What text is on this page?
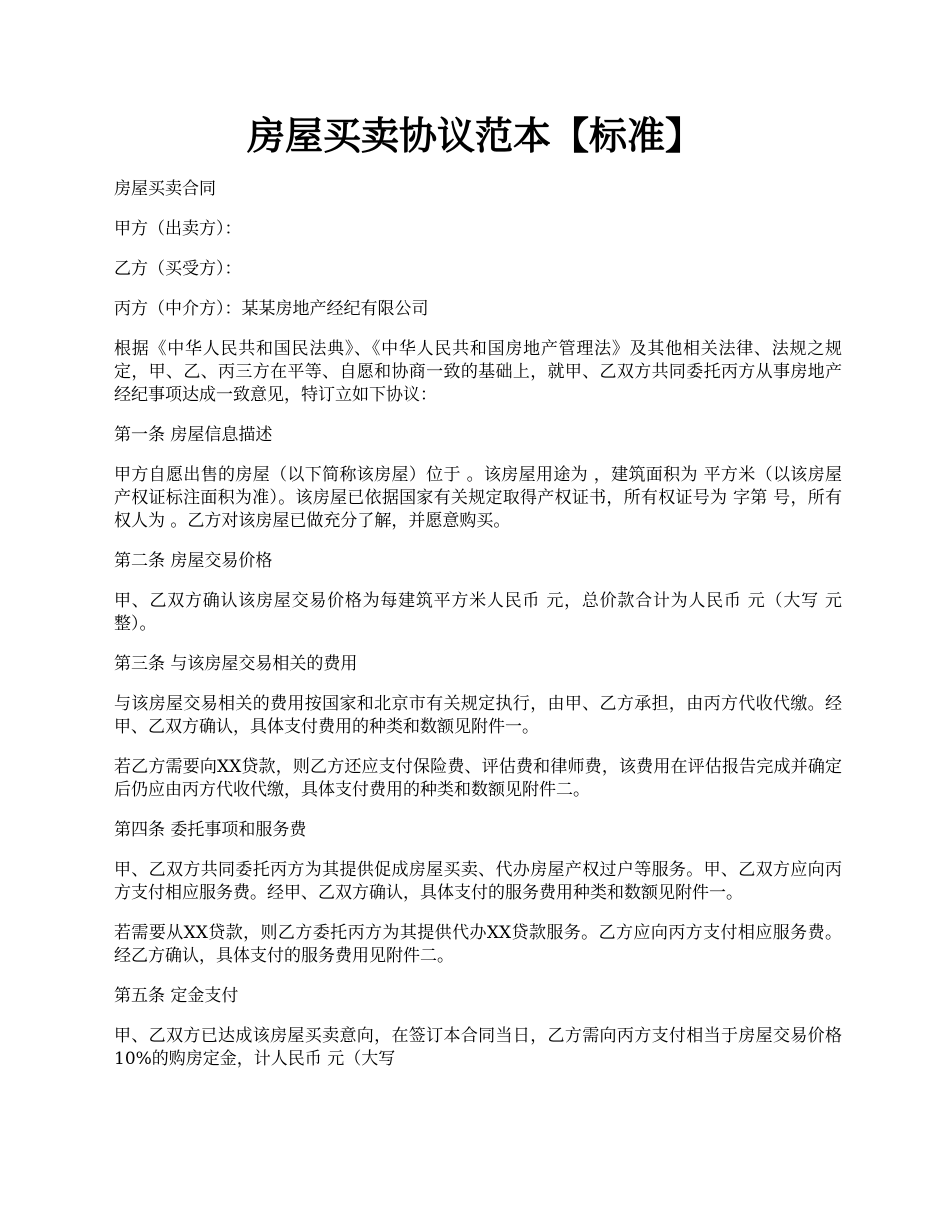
房屋买卖协议范本【标准】

房屋买卖合同

甲方（出卖方）：

乙方（买受方）：

丙方（中介方）：某某房地产经纪有限公司

根据《中华人民共和国民法典》、《中华人民共和国房地产管理法》及其他相关法律、法规之规定，甲、乙、丙三方在平等、自愿和协商一致的基础上，就甲、乙双方共同委托丙方从事房地产经纪事项达成一致意见，特订立如下协议：

第一条 房屋信息描述

甲方自愿出售的房屋（以下简称该房屋）位于 。该房屋用途为 ，建筑面积为 平方米（以该房屋产权证标注面积为准）。该房屋已依据国家有关规定取得产权证书，所有权证号为 字第 号，所有权人为 。乙方对该房屋已做充分了解，并愿意购买。

第二条 房屋交易价格

甲、乙双方确认该房屋交易价格为每建筑平方米人民币 元，总价款合计为人民币 元（大写 元整）。

第三条 与该房屋交易相关的费用

与该房屋交易相关的费用按国家和北京市有关规定执行，由甲、乙方承担，由丙方代收代缴。经甲、乙双方确认，具体支付费用的种类和数额见附件一。

若乙方需要向XX贷款，则乙方还应支付保险费、评估费和律师费，该费用在评估报告完成并确定后仍应由丙方代收代缴，具体支付费用的种类和数额见附件二。

第四条 委托事项和服务费

甲、乙双方共同委托丙方为其提供促成房屋买卖、代办房屋产权过户等服务。甲、乙双方应向丙方支付相应服务费。经甲、乙双方确认，具体支付的服务费用种类和数额见附件一。

若需要从XX贷款，则乙方委托丙方为其提供代办XX贷款服务。乙方应向丙方支付相应服务费。经乙方确认，具体支付的服务费用见附件二。

第五条 定金支付

甲、乙双方已达成该房屋买卖意向，在签订本合同当日，乙方需向丙方支付相当于房屋交易价格10%的购房定金，计人民币 元（大写
